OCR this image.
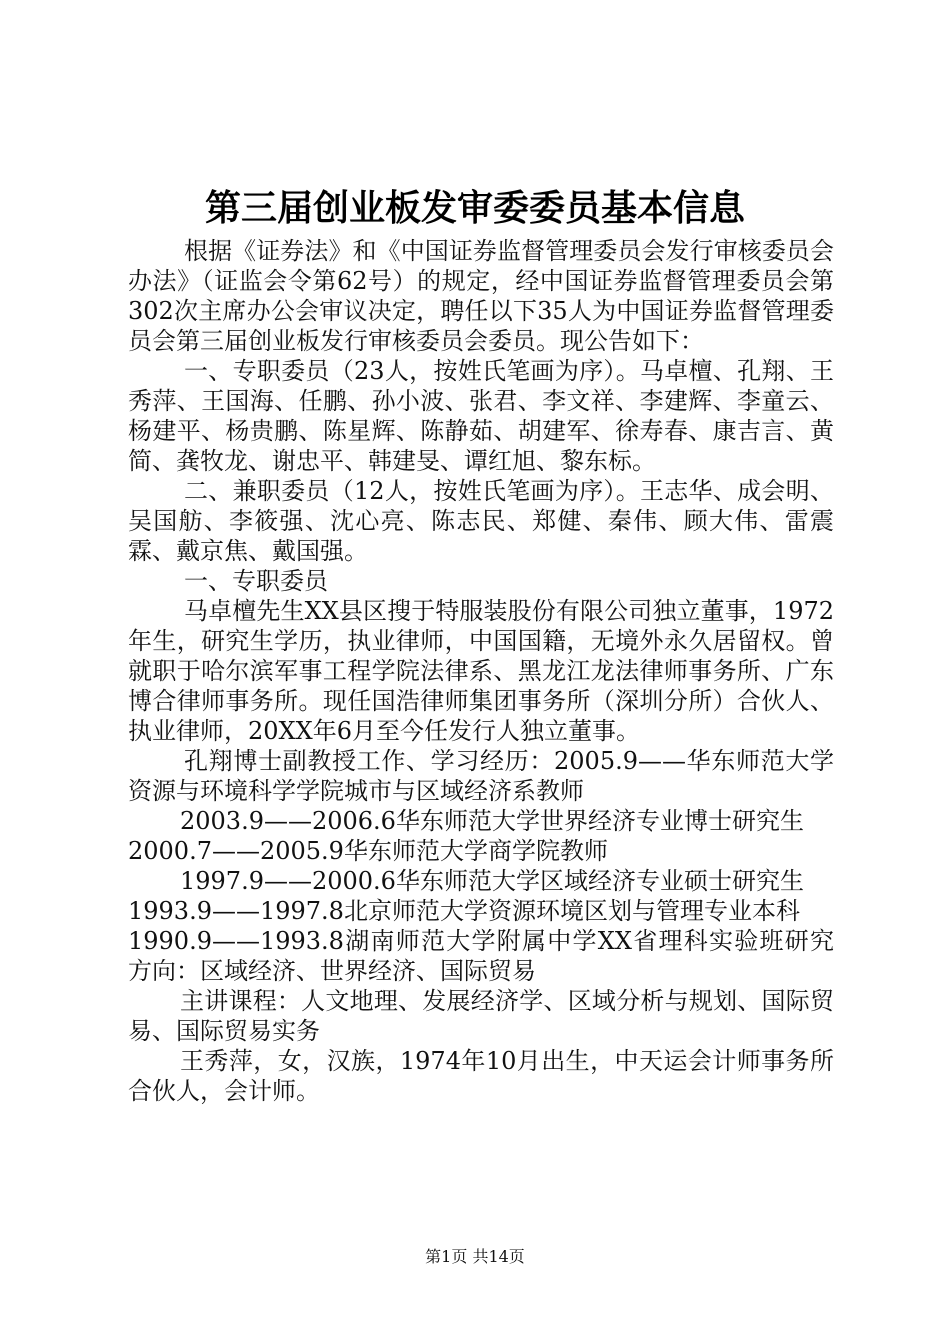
第三届创业板发审委委员基本信息

根据《证券法》和《中国证券监督管理委员会发行审核委员会办法》（证监会令第62号）的规定，经中国证券监督管理委员会第302次主席办公会审议决定，聘任以下35人为中国证券监督管理委员会第三届创业板发行审核委员会委员。现公告如下：

一、专职委员（23人，按姓氏笔画为序）。马卓檀、孔翔、王秀萍、王国海、任鹏、孙小波、张君、李文祥、李建辉、李童云、杨建平、杨贵鹏、陈星辉、陈静茹、胡建军、徐寿春、康吉言、黄简、龚牧龙、谢忠平、韩建旻、谭红旭、黎东标。

二、兼职委员（12人，按姓氏笔画为序）。王志华、成会明、吴国舫、李筱强、沈心亮、陈志民、郑健、秦伟、顾大伟、雷震霖、戴京焦、戴国强。

一、专职委员

马卓檀先生XX县区搜于特服装股份有限公司独立董事，1972年生，研究生学历，执业律师，中国国籍，无境外永久居留权。曾就职于哈尔滨军事工程学院法律系、黑龙江龙法律师事务所、广东博合律师事务所。现任国浩律师集团事务所（深圳分所）合伙人、执业律师，20XX年6月至今任发行人独立董事。

孔翔博士副教授工作、学习经历：2005.9——华东师范大学资源与环境科学学院城市与区域经济系教师

2003.9——2006.6华东师范大学世界经济专业博士研究生

2000.7——2005.9华东师范大学商学院教师

1997.9——2000.6华东师范大学区域经济专业硕士研究生

1993.9——1997.8北京师范大学资源环境区划与管理专业本科

1990.9——1993.8湖南师范大学附属中学XX省理科实验班研究方向：区域经济、世界经济、国际贸易

主讲课程：人文地理、发展经济学、区域分析与规划、国际贸易、国际贸易实务

王秀萍，女，汉族，1974年10月出生，中天运会计师事务所合伙人，会计师。

第1页 共14页
